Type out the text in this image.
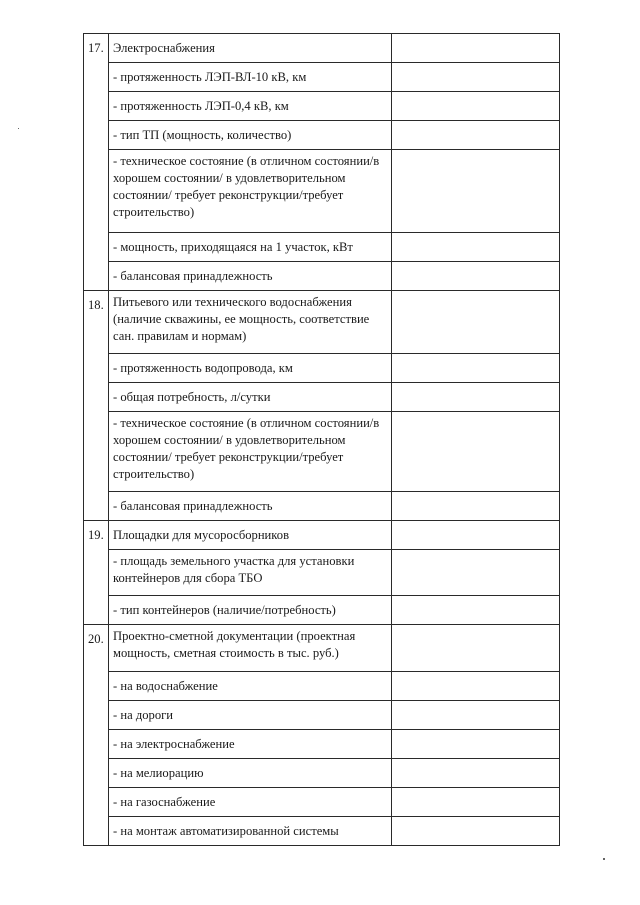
17.	Электроснабжения	
	- протяженность ЛЭП-ВЛ-10 кВ, км	
	- протяженность ЛЭП-0,4 кВ, км	
	- тип ТП (мощность, количество)	
	- техническое состояние (в отличном состоянии/в хорошем состоянии/ в удовлетворительном состоянии/ требует реконструкции/требует строительство)	
	- мощность, приходящаяся на 1 участок, кВт	
	- балансовая принадлежность	
18.	Питьевого или технического водоснабжения (наличие скважины, ее мощность, соответствие сан. правилам и нормам)	
	- протяженность водопровода, км	
	- общая потребность, л/сутки	
	- техническое состояние (в отличном состоянии/в хорошем состоянии/ в удовлетворительном состоянии/ требует реконструкции/требует строительство)	
	- балансовая принадлежность	
19.	Площадки для мусоросборников	
	- площадь земельного участка для установки контейнеров для сбора ТБО	
	- тип контейнеров (наличие/потребность)	
20.	Проектно-сметной документации (проектная мощность, сметная стоимость в тыс. руб.)	
	- на водоснабжение	
	- на дороги	
	- на электроснабжение	
	- на мелиорацию	
	- на газоснабжение	
	- на монтаж автоматизированной системы	
